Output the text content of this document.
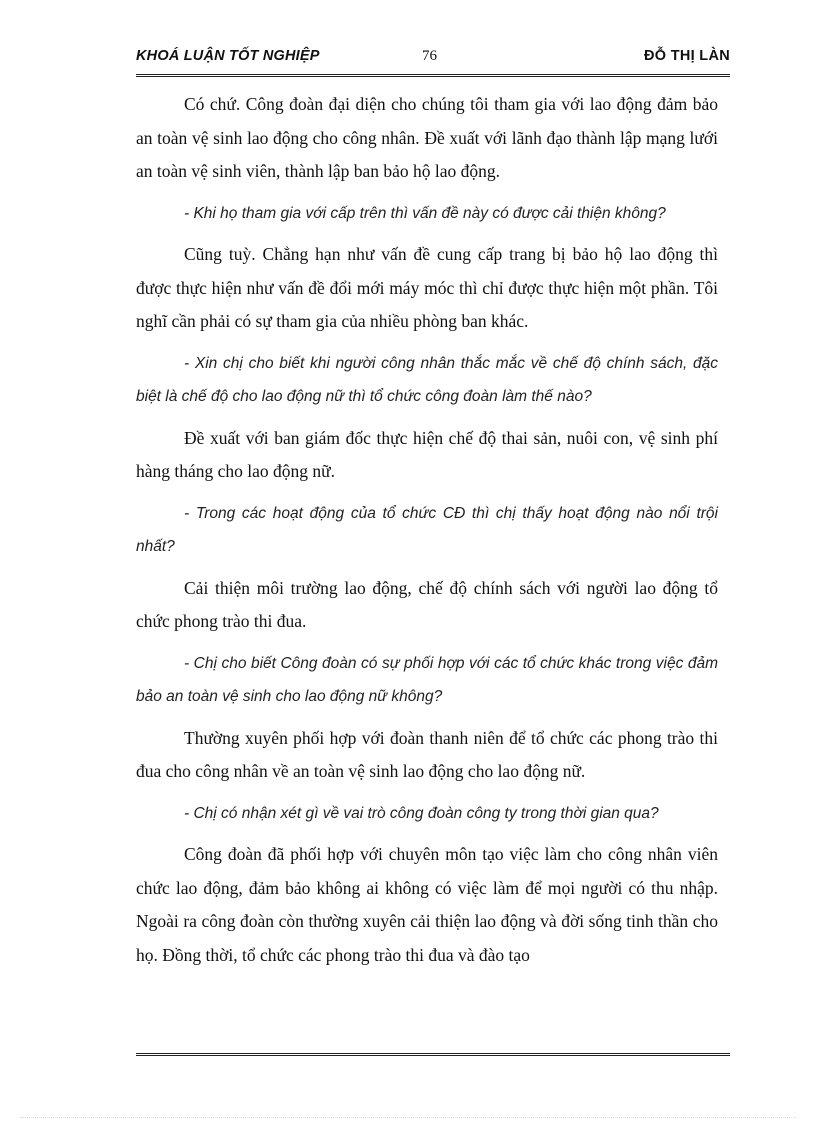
KHOÁ LUẬN TỐT NGHIỆP	76	ĐỖ THỊ LÀN

Có chứ. Công đoàn đại diện cho chúng tôi tham gia với lao động đảm bảo an toàn vệ sinh lao động cho công nhân. Đề xuất với lãnh đạo thành lập mạng lưới an toàn vệ sinh viên, thành lập ban bảo hộ lao động.

- Khi họ tham gia với cấp trên thì vấn đề này có được cải thiện không?

Cũng tuỳ. Chẳng hạn như vấn đề cung cấp trang bị bảo hộ lao động thì được thực hiện như vấn đề đổi mới máy móc thì chỉ được thực hiện một phần. Tôi nghĩ cần phải có sự tham gia của nhiều phòng ban khác.

- Xin chị cho biết khi người công nhân thắc mắc về chế độ chính sách, đặc biệt là chế độ cho lao động nữ thì tổ chức công đoàn làm thế nào?

Đề xuất với ban giám đốc thực hiện chế độ thai sản, nuôi con, vệ sinh phí hàng tháng cho lao động nữ.

- Trong các hoạt động của tổ chức CĐ thì chị thấy hoạt động nào nổi trội nhất?

Cải thiện môi trường lao động, chế độ chính sách với người lao động tổ chức phong trào thi đua.

- Chị cho biết Công đoàn có sự phối hợp với các tổ chức khác trong việc đảm bảo an toàn vệ sinh cho lao động nữ không?

Thường xuyên phối hợp với đoàn thanh niên để tổ chức các phong trào thi đua cho công nhân về an toàn vệ sinh lao động cho lao động nữ.

- Chị có nhận xét gì về vai trò công đoàn công ty trong thời gian qua?

Công đoàn đã phối hợp với chuyên môn tạo việc làm cho công nhân viên chức lao động, đảm bảo không ai không có việc làm để mọi người có thu nhập. Ngoài ra công đoàn còn thường xuyên cải thiện lao động và đời sống tinh thần cho họ. Đồng thời, tổ chức các phong trào thi đua và đào tạo
